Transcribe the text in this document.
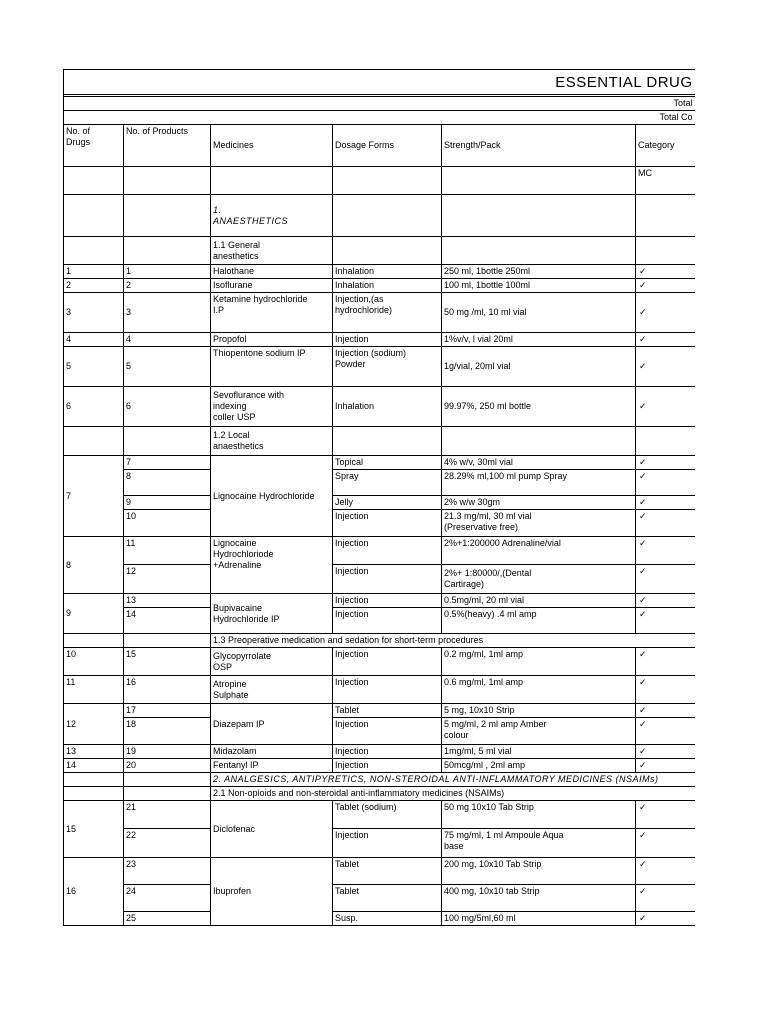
ESSENTIAL DRUG					

Total					
Total Co					
No. of
Drugs	No. of Products	Medicines	Dosage Forms	Strength/Pack	Category
					MC
		1.
ANAESTHETICS			
		1.1 General
anesthetics			
1	1	Halothane	Inhalation	250 ml, 1bottle 250ml	✓
2	2	Isoflurane	Inhalation	100 ml, 1bottle 100ml	✓
3	3	Ketamine hydrochloride
I.P	Injection,(as
hydrochloride)	50 mg /ml, 10 ml vial	✓
4	4	Propofol	Injection	1%v/v, l vial 20ml	✓
5	5	Thiopentone sodium IP	Injection (sodium)
Powder	1g/vial, 20ml vial	✓
6	6	Sevoflurance with
indexing
coller USP	Inhalation	99.97%, 250 ml bottle	✓
		1.2 Local
anaesthetics			
7	7	Lignocaine Hydrochloride	Topical	4% w/v, 30ml vial	✓
	8		Spray	28.29% ml,100 ml pump Spray	✓
	9		Jelly	2% w/w 30gm	✓
	10		Injection	21.3 mg/ml, 30 ml vial
(Preservative free)	✓
8	11	Lignocaine
Hydrochloriode
+Adrenaline	Injection	2%+1:200000 Adrenaline/vial	✓
	12		Injection	2%+ 1:80000/,(Dental
Cartirage)	✓
9	13	Bupivacaine
Hydrochloride IP	Injection	0.5mg/ml, 20 ml vial	✓
	14		Injection	0.5%(heavy) .4 ml amp	✓
		1.3 Preoperative medication and sedation for short-term procedures			
10	15	Glycopyrrolate
OSP	Injection	0.2 mg/ml, 1ml amp	✓
11	16	Atropine
Sulphate	Injection	0.6 mg/ml, 1ml amp	✓
12	17	Diazepam IP	Tablet	5 mg, 10x10 Strip	✓
	18		Injection	5 mg/ml, 2 ml amp Amber
colour	✓
13	19	Midazolam	Injection	1mg/ml, 5 ml vial	✓
14	20	Fentanyl IP	Injection	50mcg/ml , 2ml amp	✓
		2. ANALGESICS, ANTIPYRETICS, NON-STEROIDAL ANTI-INFLAMMATORY MEDICINES (NSAIMs)			
		2.1 Non-opioids and non-steroidal anti-inflammatory medicines (NSAIMs)			
15	21	Diclofenac	Tablet (sodium)	50 mg 10x10 Tab Strip	✓
	22		Injection	75 mg/ml, 1 ml Ampoule Aqua
base	✓
16	23	Ibuprofen	Tablet	200 mg, 10x10 Tab Strip	✓
	24		Tablet	400 mg, 10x10 tab Strip	✓
	25		Susp.	100 mg/5ml,60 ml	✓
